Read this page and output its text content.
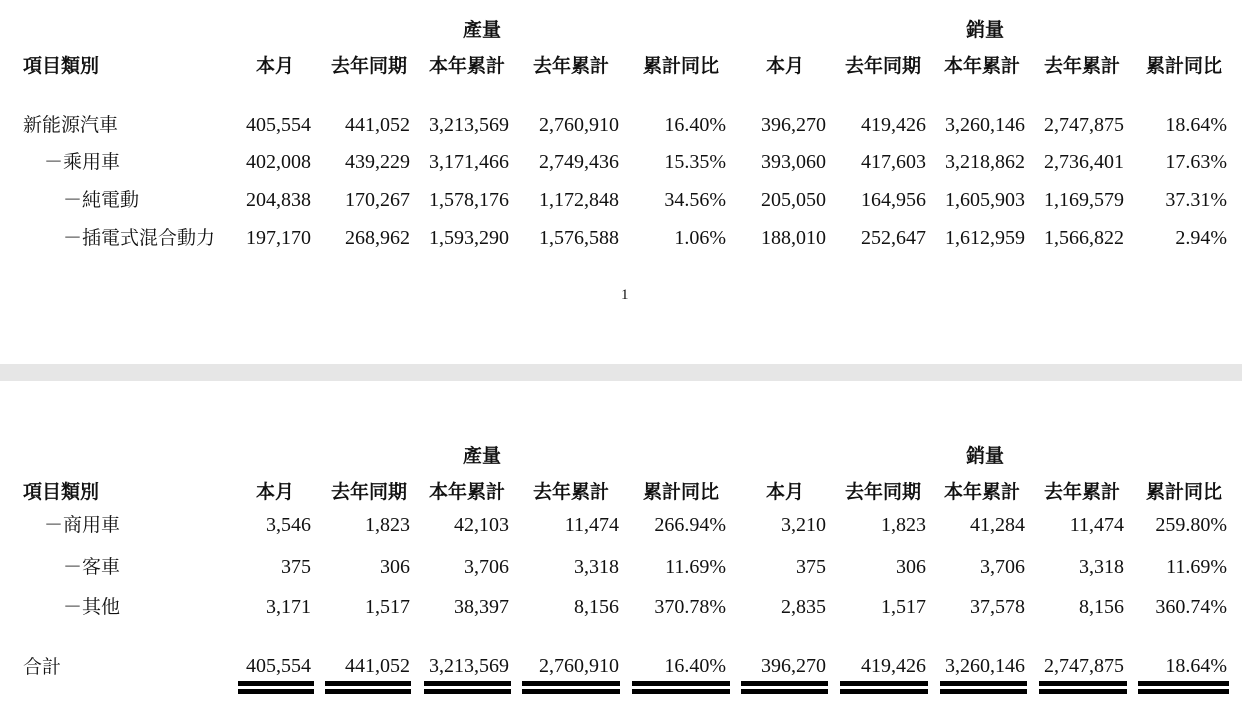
產量	銷量
項目類別	本月 去年同期 本年累計 去年累計 累計同比 本月 去年同期 本年累計 去年累計 累計同比
新能源汽車	405,554 441,052 3,213,569 2,760,910 16.40% 396,270 419,426 3,260,146 2,747,875 18.64%
－乘用車	402,008 439,229 3,171,466 2,749,436 15.35% 393,060 417,603 3,218,862 2,736,401 17.63%
－純電動	204,838 170,267 1,578,176 1,172,848 34.56% 205,050 164,956 1,605,903 1,169,579 37.31%
－插電式混合動力 197,170 268,962 1,593,290 1,576,588	1.06% 188,010 252,647 1,612,959 1,566,822	2.94%
1
產量	銷量
項目類別	本月 去年同期 本年累計 去年累計 累計同比 本月 去年同期 本年累計 去年累計 累計同比
－商用車	3,546	1,823 42,103	11,474 266.94%	3,210	1,823 41,284 11,474 259.80%
－客車	375	306	3,706	3,318 11.69%	375	306	3,706	3,318 11.69%
－其他	3,171	1,517 38,397	8,156 370.78%	2,835	1,517 37,578	8,156 360.74%
合計	405,554 441,052 3,213,569 2,760,910 16.40% 396,270 419,426 3,260,146 2,747,875 18.64%
